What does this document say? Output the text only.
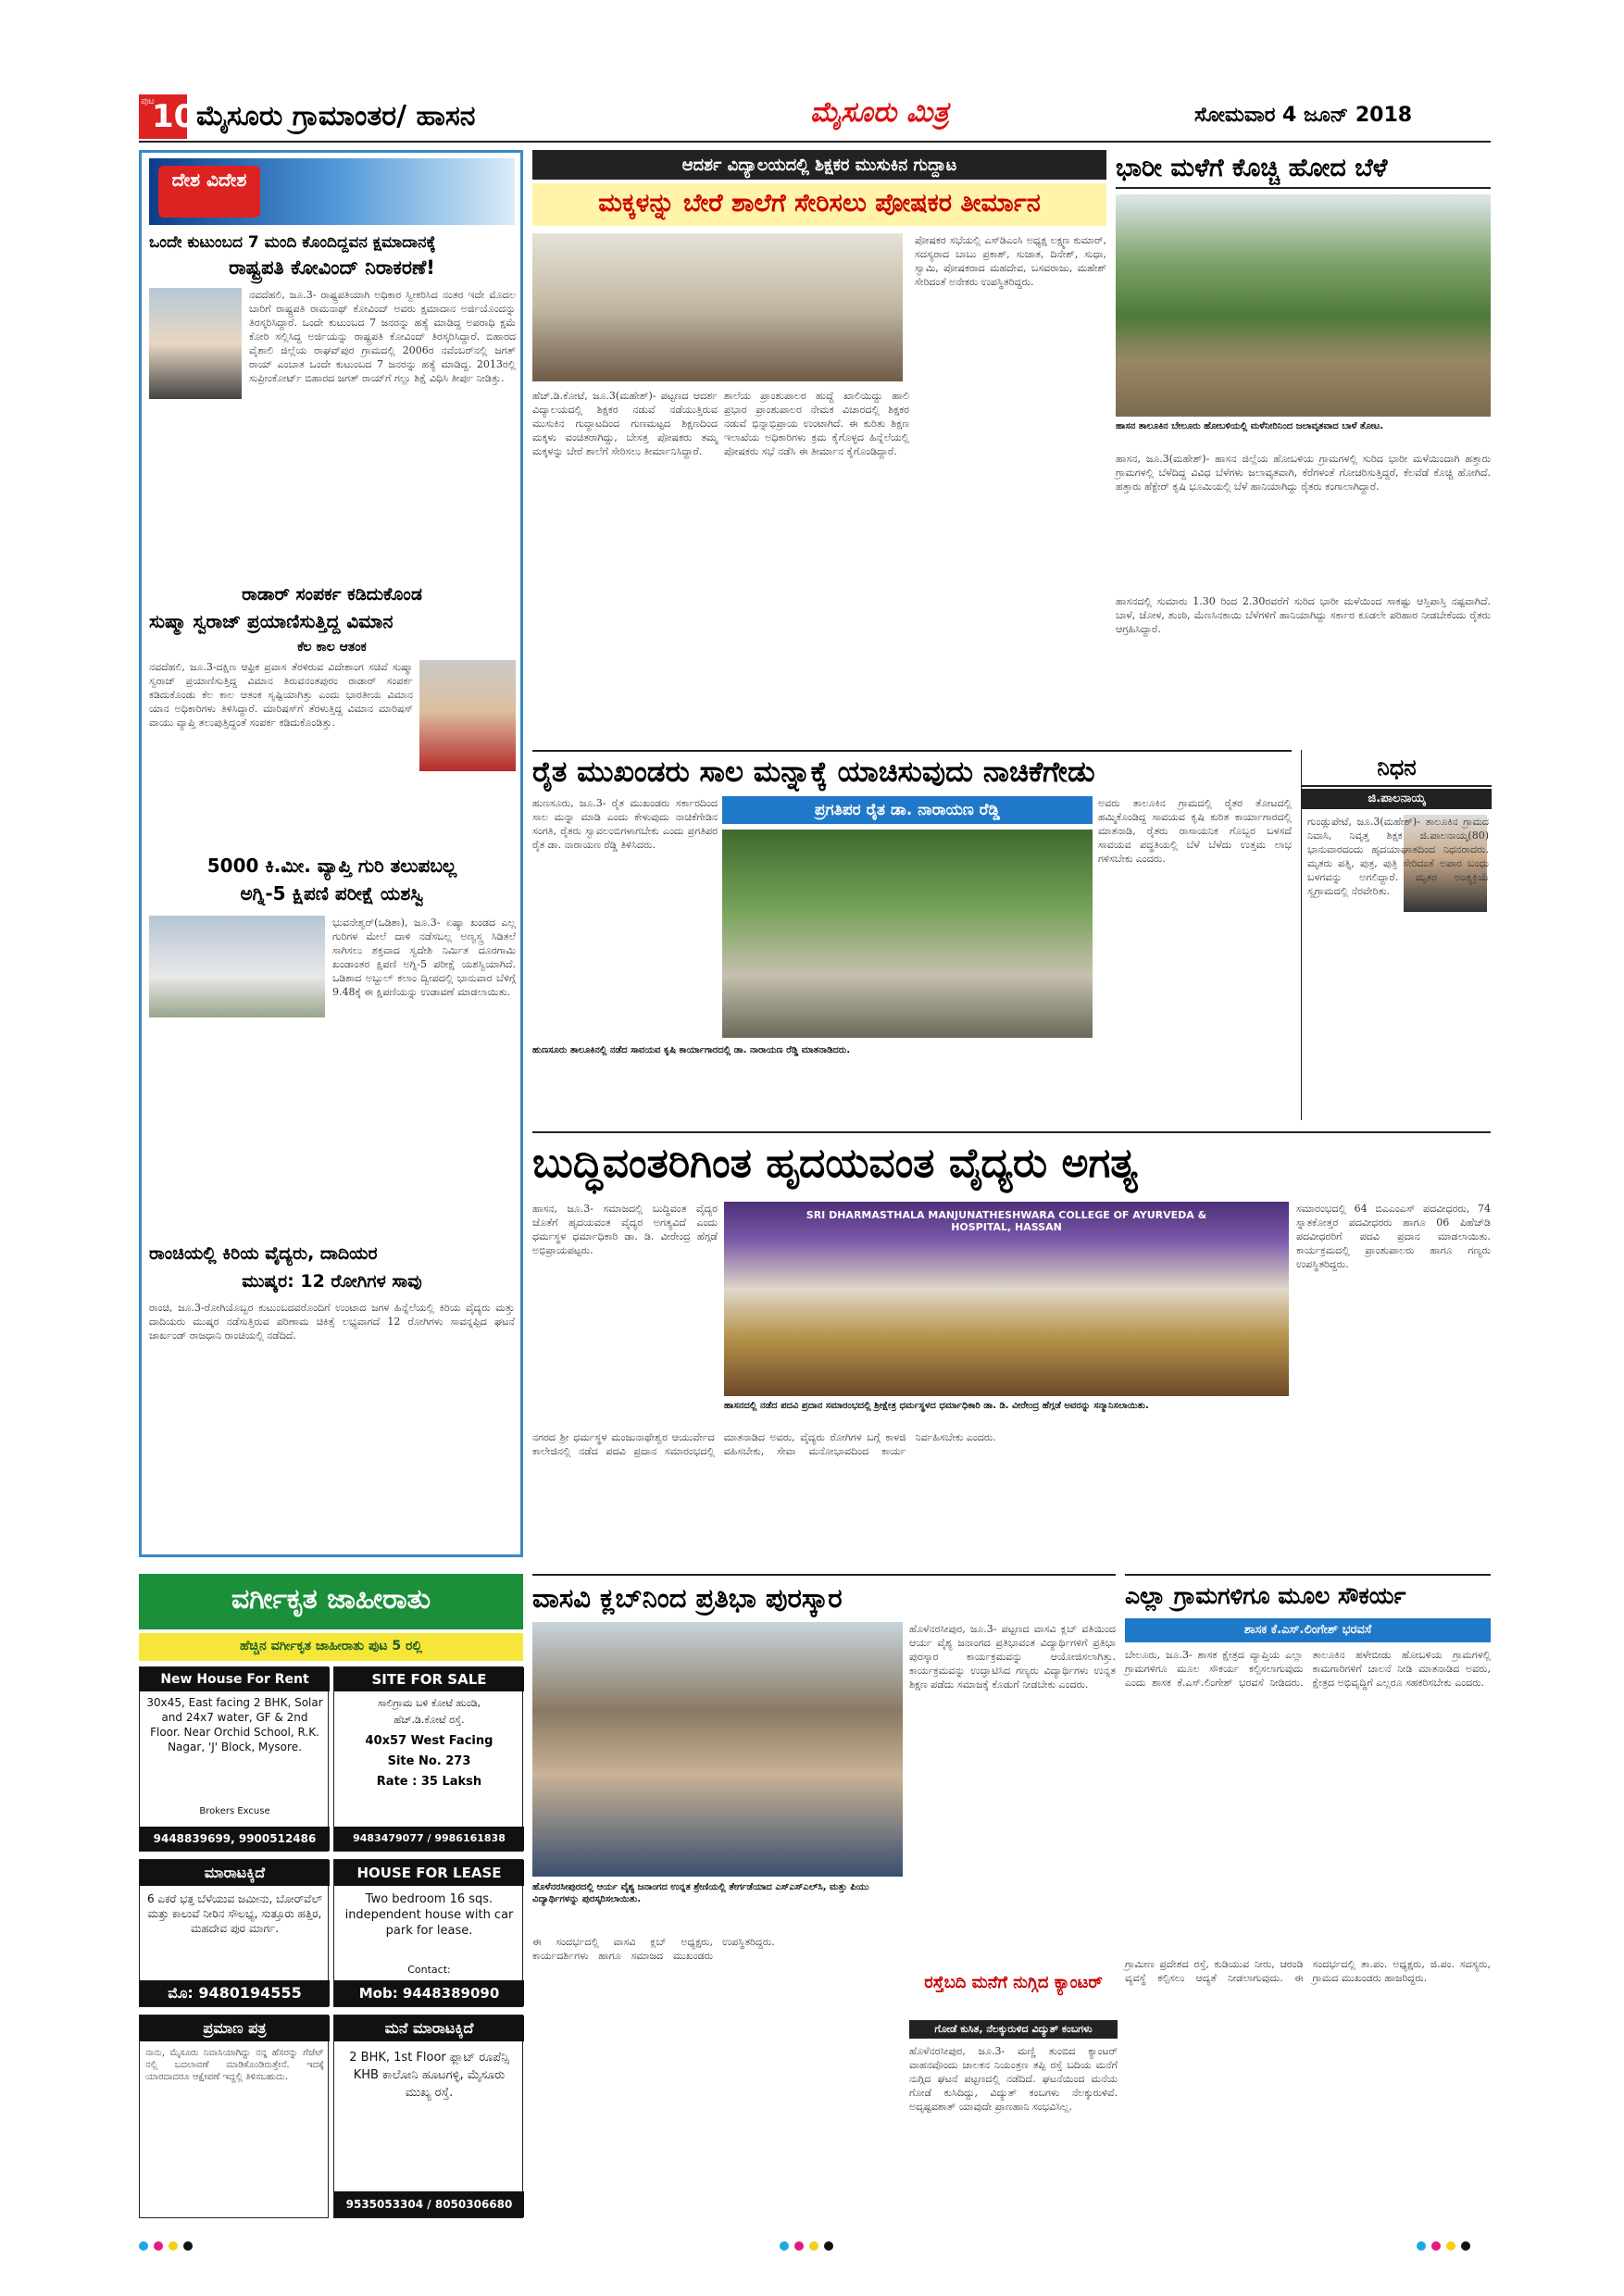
ಪುಟ
10 ಮೈಸೂರು ಗ್ರಾಮಾಂತರ/ ಹಾಸನ	ಮೈಸೂರು ಮಿತ್ರ	ಸೋಮವಾರ 4 ಜೂನ್ 2018
ದೇಶ ವಿದೇಶ
ಒಂದೇ ಕುಟುಂಬದ 7 ಮಂದಿ ಕೊಂದಿದ್ದವನ ಕ್ಷಮಾದಾನಕ್ಕೆ
ರಾಷ್ಟ್ರಪತಿ ಕೋವಿಂದ್ ನಿರಾಕರಣೆ!
ನವದೆಹಲಿ, ಜೂ.3- ರಾಷ್ಟ್ರಪತಿಯಾಗಿ ಅಧಿಕಾರ ಸ್ವೀಕರಿಸಿದ ನಂತರ ಇದೇ ಮೊದಲ ಬಾರಿಗೆ ರಾಷ್ಟ್ರಪತಿ ರಾಮನಾಥ್ ಕೋವಿಂದ್ ಅವರು ಕ್ಷಮಾದಾನ ಅರ್ಜಿಯೊಂದನ್ನು ತಿರಸ್ಕರಿಸಿದ್ದಾರೆ. ಒಂದೇ ಕುಟುಂಬದ 7 ಜನರನ್ನು ಹತ್ಯೆ ಮಾಡಿದ್ದ ಅಪರಾಧಿ ಕ್ಷಮೆ ಕೋರಿ ಸಲ್ಲಿಸಿದ್ದ ಅರ್ಜಿಯನ್ನು ರಾಷ್ಟ್ರಪತಿ ಕೋವಿಂದ್ ತಿರಸ್ಕರಿಸಿದ್ದಾರೆ. ಬಿಹಾರದ ವೈಶಾಲಿ ಜಿಲ್ಲೆಯ ರಾಘವ್‌ಪುರ ಗ್ರಾಮದಲ್ಲಿ 2006ರ ನವೆಂಬರ್‌ನಲ್ಲಿ ಜಗತ್ ರಾಯ್ ಎಂಬಾತ ಒಂದೇ ಕುಟುಂಬದ 7 ಜನರನ್ನು ಹತ್ಯೆ ಮಾಡಿದ್ದ. 2013ರಲ್ಲಿ ಸುಪ್ರೀಂಕೋರ್ಟ್ ಬಿಹಾರದ ಜಗತ್ ರಾಯ್‌ಗೆ ಗಲ್ಲು ಶಿಕ್ಷೆ ವಿಧಿಸಿ ತೀರ್ಪು ನೀಡಿತ್ತು.
ರಾಡಾರ್ ಸಂಪರ್ಕ ಕಡಿದುಕೊಂಡ
ಸುಷ್ಮಾ ಸ್ವರಾಜ್ ಪ್ರಯಾಣಿಸುತ್ತಿದ್ದ ವಿಮಾನ
ಕೆಲ ಕಾಲ ಆತಂಕ
ನವದೆಹಲಿ, ಜೂ.3-ದಕ್ಷಿಣ ಆಫ್ರಿಕ ಪ್ರವಾಸ ತೆರಳಿರುವ ವಿದೇಶಾಂಗ ಸಚಿವೆ ಸುಷ್ಮಾ ಸ್ವರಾಜ್ ಪ್ರಯಾಣಿಸುತ್ತಿದ್ದ ವಿಮಾನ ತಿರುವನಂತಪುರಂ ರಾಡಾರ್ ಸಂಪರ್ಕ ಕಡಿದುಕೊಂಡು ಕೆಲ ಕಾಲ ಆತಂಕ ಸೃಷ್ಟಿಯಾಗಿತ್ತು ಎಂದು ಭಾರತೀಯ ವಿಮಾನ ಯಾನ ಅಧಿಕಾರಿಗಳು ತಿಳಿಸಿದ್ದಾರೆ. ಮಾರಿಷಸ್‌ಗೆ ತೆರಳುತ್ತಿದ್ದ ವಿಮಾನ ಮಾರಿಷಸ್ ವಾಯು ವ್ಯಾಪ್ತಿ ತಲುಪುತ್ತಿದ್ದಂತೆ ಸಂಪರ್ಕ ಕಡಿದುಕೊಂಡಿತ್ತು.
5000 ಕಿ.ಮೀ. ವ್ಯಾಪ್ತಿ ಗುರಿ ತಲುಪಬಲ್ಲ
ಅಗ್ನಿ-5 ಕ್ಷಿಪಣಿ ಪರೀಕ್ಷೆ ಯಶಸ್ವಿ
ಭುವನೇಶ್ವರ್(ಒಡಿಶಾ), ಜೂ.3- ಏಷ್ಯಾ ಖಂಡದ ಎಲ್ಲ ಗುರಿಗಳ ಮೇಲೆ ದಾಳಿ ನಡೆಸಬಲ್ಲ ಅಣ್ವಸ್ತ್ರ ಸಿಡಿತಲೆ ಸಾಗಿಸಲು ಶಕ್ತವಾದ ಸ್ವದೇಶಿ ನಿರ್ಮಿತ ದೂರಗಾಮಿ ಖಂಡಾಂತರ ಕ್ಷಿಪಣಿ ಅಗ್ನಿ-5 ಪರೀಕ್ಷೆ ಯಶಸ್ವಿಯಾಗಿದೆ. ಒಡಿಶಾದ ಅಬ್ದುಲ್ ಕಲಾಂ ದ್ವೀಪದಲ್ಲಿ ಭಾನುವಾರ ಬೆಳಿಗ್ಗೆ 9.48ಕ್ಕೆ ಈ ಕ್ಷಿಪಣಿಯನ್ನು ಉಡಾವಣೆ ಮಾಡಲಾಯಿತು.
ರಾಂಚಿಯಲ್ಲಿ ಕಿರಿಯ ವೈದ್ಯರು, ದಾದಿಯರ
ಮುಷ್ಕರ: 12 ರೋಗಿಗಳ ಸಾವು
ರಾಂಚಿ, ಜೂ.3-ರೋಗಿಯೊಬ್ಬರ ಕುಟುಂಬದವರೊಂದಿಗೆ ಉಂಟಾದ ಜಗಳ ಹಿನ್ನೆಲೆಯಲ್ಲಿ ಕಿರಿಯ ವೈದ್ಯರು ಮತ್ತು ದಾದಿಯರು ಮುಷ್ಕರ ನಡೆಸುತ್ತಿರುವ ಪರಿಣಾಮ ಚಿಕಿತ್ಸೆ ಲಭ್ಯವಾಗದೆ 12 ರೋಗಿಗಳು ಸಾವನ್ನಪ್ಪಿದ ಘಟನೆ ಜಾರ್ಖಂಡ್ ರಾಜಧಾನಿ ರಾಂಚಿಯಲ್ಲಿ ನಡೆದಿದೆ.
ವರ್ಗೀಕೃತ ಜಾಹೀರಾತು
ಹೆಚ್ಚಿನ ವರ್ಗೀಕೃತ ಜಾಹೀರಾತು ಪುಟ 5 ರಲ್ಲಿ
New House For Rent
30x45, East facing 2 BHK, Solar and 24x7 water, GF & 2nd Floor. Near Orchid School, R.K. Nagar, 'J' Block, Mysore.
Brokers Excuse
9448839699, 9900512486
SITE FOR SALE
ಸಾಲಿಗ್ರಾಮ ಬಳಿ ಕೋಟೆ ಹುಂಡಿ,
ಹೆಚ್.ಡಿ.ಕೋಟೆ ರಸ್ತೆ.
40x57 West Facing
Site No. 273
Rate : 35 Laksh
9483479077 / 9986161838
ಮಾರಾಟಕ್ಕಿದೆ
6 ಎಕರೆ ಭತ್ತ ಬೆಳೆಯುವ ಜಮೀನು, ಬೋರ್‌ವೆಲ್ ಮತ್ತು ಕಾಲುವೆ ನೀರಿನ ಸೌಲಭ್ಯ, ಸುತ್ತೂರು ಹತ್ತಿರ, ಮಹದೇವ ಪುರ ಮಾರ್ಗ.
ಮೊ: 9480194555
HOUSE FOR LEASE
Two bedroom 16 sqs. independent house with car park for lease.
Contact:
Mob: 9448389090
ಪ್ರಮಾಣ ಪತ್ರ
ನಾನು, ಮೈಸೂರು ನಿವಾಸಿಯಾಗಿದ್ದು ನನ್ನ ಹೆಸರನ್ನು ಗೆಜೆಟ್ ನಲ್ಲಿ ಬದಲಾವಣೆ ಮಾಡಿಕೊಂಡಿರುತ್ತೇನೆ. ಇದಕ್ಕೆ ಯಾರದಾದರೂ ಆಕ್ಷೇಪಣೆ ಇದ್ದಲ್ಲಿ ತಿಳಿಸಬಹುದು.
ಮನೆ ಮಾರಾಟಕ್ಕಿದೆ
2 BHK, 1st Floor ಫ್ಲಾಟ್ ರೂಪೆನ್ಸಿ KHB ಕಾಲೋನಿ ಹೂಟಗಳ್ಳಿ, ಮೈಸೂರು ಮುಖ್ಯ ರಸ್ತೆ.
9535053304 / 8050306680
ಆದರ್ಶ ವಿದ್ಯಾಲಯದಲ್ಲಿ ಶಿಕ್ಷಕರ ಮುಸುಕಿನ ಗುದ್ದಾಟ
ಮಕ್ಕಳನ್ನು ಬೇರೆ ಶಾಲೆಗೆ ಸೇರಿಸಲು ಪೋಷಕರ ತೀರ್ಮಾನ
ಹೆಚ್.ಡಿ.ಕೋಟೆ, ಜೂ.3(ಮಹೇಶ್)- ಪಟ್ಟಣದ ಆದರ್ಶ ವಿದ್ಯಾಲಯದಲ್ಲಿ ಶಿಕ್ಷಕರ ನಡುವೆ ನಡೆಯುತ್ತಿರುವ ಮುಸುಕಿನ ಗುದ್ದಾಟದಿಂದ ಗುಣಮಟ್ಟದ ಶಿಕ್ಷಣದಿಂದ ಮಕ್ಕಳು ವಂಚಿತರಾಗಿದ್ದು, ಬೇಸತ್ತ ಪೋಷಕರು ತಮ್ಮ ಮಕ್ಕಳನ್ನು ಬೇರೆ ಶಾಲೆಗೆ ಸೇರಿಸಲು ತೀರ್ಮಾನಿಸಿದ್ದಾರೆ.
ಶಾಲೆಯ ಪ್ರಾಂಶುಪಾಲರ ಹುದ್ದೆ ಖಾಲಿಯಿದ್ದು ಹಾಲಿ ಪ್ರಭಾರ ಪ್ರಾಂಶುಪಾಲರ ನೇಮಕ ವಿಚಾರದಲ್ಲಿ ಶಿಕ್ಷಕರ ನಡುವೆ ಭಿನ್ನಾಭಿಪ್ರಾಯ ಉಂಟಾಗಿದೆ. ಈ ಕುರಿತು ಶಿಕ್ಷಣ ಇಲಾಖೆಯ ಅಧಿಕಾರಿಗಳು ಕ್ರಮ ಕೈಗೊಳ್ಳದ ಹಿನ್ನೆಲೆಯಲ್ಲಿ ಪೋಷಕರು ಸಭೆ ನಡೆಸಿ ಈ ತೀರ್ಮಾನ ಕೈಗೊಂಡಿದ್ದಾರೆ.
ಪೋಷಕರ ಸಭೆಯಲ್ಲಿ ಎಸ್‌ಡಿಎಂಸಿ ಅಧ್ಯಕ್ಷ ಲಕ್ಷ್ಮಣ ಕುಮಾರ್, ಸದಸ್ಯರಾದ ಬಾಬು ಪ್ರಕಾಶ್, ಸುಜಾತ, ದಿನೇಶ್, ಸುಧಾ, ಸ್ವಾಮಿ, ಪೋಷಕರಾದ ಮಹದೇವ, ಬಸವರಾಜು, ಮಹೇಶ್ ಸೇರಿದಂತೆ ಅನೇಕರು ಉಪಸ್ಥಿತರಿದ್ದರು.
ಭಾರೀ ಮಳೆಗೆ ಕೊಚ್ಚಿ ಹೋದ ಬೆಳೆ
ಹಾಸನ ತಾಲೂಕಿನ ಬೇಲೂರು ಹೋಬಳಿಯಲ್ಲಿ ಮಳೆನೀರಿನಿಂದ ಜಲಾವೃತವಾದ ಬಾಳೆ ತೋಟ.
ಹಾಸನ, ಜೂ.3(ಮಹೇಶ್)- ಹಾಸನ ಜಿಲ್ಲೆಯ ಹೋಬಳಿಯ ಗ್ರಾಮಗಳಲ್ಲಿ ಸುರಿದ ಭಾರೀ ಮಳೆಯಿಂದಾಗಿ ಹತ್ತಾರು ಗ್ರಾಮಗಳಲ್ಲಿ ಬೆಳೆದಿದ್ದ ವಿವಿಧ ಬೆಳೆಗಳು ಜಲಾವೃತವಾಗಿ, ಕೆರೆಗಳಂತೆ ಗೋಚರಿಸುತ್ತಿದ್ದರೆ, ಕೆಲವೆಡೆ ಕೊಚ್ಚಿ ಹೋಗಿದೆ. ಹತ್ತಾರು ಹೆಕ್ಟೇರ್ ಕೃಷಿ ಭೂಮಿಯಲ್ಲಿ ಬೆಳೆ ಹಾನಿಯಾಗಿದ್ದು ರೈತರು ಕಂಗಾಲಾಗಿದ್ದಾರೆ.
ಹಾಸನದಲ್ಲಿ ಸುಮಾರು 1.30 ರಿಂದ 2.30ರವರೆಗೆ ಸುರಿದ ಭಾರೀ ಮಳೆಯಿಂದ ಸಾಕಷ್ಟು ಆಸ್ತಿಪಾಸ್ತಿ ನಷ್ಟವಾಗಿದೆ. ಬಾಳೆ, ಜೋಳ, ಶುಂಠಿ, ಮೆಣಸಿನಕಾಯಿ ಬೆಳೆಗಳಿಗೆ ಹಾನಿಯಾಗಿದ್ದು ಸರ್ಕಾರ ಕೂಡಲೇ ಪರಿಹಾರ ನೀಡಬೇಕೆಂದು ರೈತರು ಆಗ್ರಹಿಸಿದ್ದಾರೆ.
ರೈತ ಮುಖಂಡರು ಸಾಲ ಮನ್ನಾಕ್ಕೆ ಯಾಚಿಸುವುದು ನಾಚಿಕೆಗೇಡು
ಪ್ರಗತಿಪರ ರೈತ ಡಾ. ನಾರಾಯಣ ರೆಡ್ಡಿ
ಹುಣಸೂರು, ಜೂ.3- ರೈತ ಮುಖಂಡರು ಸರ್ಕಾರದಿಂದ ಸಾಲ ಮನ್ನಾ ಮಾಡಿ ಎಂದು ಕೇಳುವುದು ನಾಚಿಕೆಗೇಡಿನ ಸಂಗತಿ, ರೈತರು ಸ್ವಾವಲಂಬಿಗಳಾಗಬೇಕು ಎಂದು ಪ್ರಗತಿಪರ ರೈತ ಡಾ. ನಾರಾಯಣ ರೆಡ್ಡಿ ತಿಳಿಸಿದರು.
ಅವರು ತಾಲೂಕಿನ ಗ್ರಾಮದಲ್ಲಿ ರೈತರ ತೋಟದಲ್ಲಿ ಹಮ್ಮಿಕೊಂಡಿದ್ದ ಸಾವಯವ ಕೃಷಿ ಕುರಿತ ಕಾರ್ಯಾಗಾರದಲ್ಲಿ ಮಾತನಾಡಿ, ರೈತರು ರಾಸಾಯನಿಕ ಗೊಬ್ಬರ ಬಳಸದೆ ಸಾವಯವ ಪದ್ಧತಿಯಲ್ಲಿ ಬೆಳೆ ಬೆಳೆದು ಉತ್ತಮ ಲಾಭ ಗಳಿಸಬೇಕು ಎಂದರು.
ಹುಣಸೂರು ತಾಲೂಕಿನಲ್ಲಿ ನಡೆದ ಸಾವಯವ ಕೃಷಿ ಕಾರ್ಯಾಗಾರದಲ್ಲಿ ಡಾ. ನಾರಾಯಣ ರೆಡ್ಡಿ ಮಾತನಾಡಿದರು.
ನಿಧನ
ಜಿ.ಪಾಲನಾಯ್ಕ
ಗುಂಡ್ಲುಪೇಟೆ, ಜೂ.3(ಮಹೇಶ್)- ತಾಲೂಕಿನ ಗ್ರಾಮದ ನಿವಾಸಿ, ನಿವೃತ್ತ ಶಿಕ್ಷಕ ಜಿ.ಪಾಲನಾಯ್ಕ(80) ಭಾನುವಾರದಂದು ಹೃದಯಾಘಾತದಿಂದ ನಿಧನರಾದರು. ಮೃತರು ಪತ್ನಿ, ಪುತ್ರ, ಪುತ್ರಿ ಸೇರಿದಂತೆ ಅಪಾರ ಬಂಧು ಬಳಗವನ್ನು ಅಗಲಿದ್ದಾರೆ. ಮೃತರ ಅಂತ್ಯಕ್ರಿಯೆ ಸ್ವಗ್ರಾಮದಲ್ಲಿ ನೆರವೇರಿತು.
ಬುದ್ಧಿವಂತರಿಗಿಂತ ಹೃದಯವಂತ ವೈದ್ಯರು ಅಗತ್ಯ
ಹಾಸನ, ಜೂ.3- ಸಮಾಜದಲ್ಲಿ ಬುದ್ಧಿವಂತ ವೈದ್ಯರ ಜೊತೆಗೆ ಹೃದಯವಂತ ವೈದ್ಯರ ಅಗತ್ಯವಿದೆ ಎಂದು ಧರ್ಮಸ್ಥಳ ಧರ್ಮಾಧಿಕಾರಿ ಡಾ. ಡಿ. ವೀರೇಂದ್ರ ಹೆಗ್ಗಡೆ ಅಭಿಪ್ರಾಯಪಟ್ಟರು.
SRI DHARMASTHALA MANJUNATHESHWARA COLLEGE OF AYURVEDA & HOSPITAL, HASSAN
ಸಮಾರಂಭದಲ್ಲಿ 64 ಬಿಎಎಂಎಸ್ ಪದವೀಧರರು, 74 ಸ್ನಾತಕೋತ್ತರ ಪದವೀಧರರು ಹಾಗೂ 06 ಪಿಹೆಚ್‌ಡಿ ಪದವೀಧರರಿಗೆ ಪದವಿ ಪ್ರದಾನ ಮಾಡಲಾಯಿತು. ಕಾರ್ಯಕ್ರಮದಲ್ಲಿ ಪ್ರಾಂಶುಪಾಲರು ಹಾಗೂ ಗಣ್ಯರು ಉಪಸ್ಥಿತರಿದ್ದರು.
ಹಾಸನದಲ್ಲಿ ನಡೆದ ಪದವಿ ಪ್ರದಾನ ಸಮಾರಂಭದಲ್ಲಿ ಶ್ರೀಕ್ಷೇತ್ರ ಧರ್ಮಸ್ಥಳದ ಧರ್ಮಾಧಿಕಾರಿ ಡಾ. ಡಿ. ವೀರೇಂದ್ರ ಹೆಗ್ಗಡೆ ಅವರನ್ನು ಸನ್ಮಾನಿಸಲಾಯಿತು.
ನಗರದ ಶ್ರೀ ಧರ್ಮಸ್ಥಳ ಮಂಜುನಾಥೇಶ್ವರ ಆಯುರ್ವೇದ ಕಾಲೇಜಿನಲ್ಲಿ ನಡೆದ ಪದವಿ ಪ್ರದಾನ ಸಮಾರಂಭದಲ್ಲಿ ಮಾತನಾಡಿದ ಅವರು, ವೈದ್ಯರು ರೋಗಿಗಳ ಬಗ್ಗೆ ಕಾಳಜಿ ವಹಿಸಬೇಕು, ಸೇವಾ ಮನೋಭಾವದಿಂದ ಕಾರ್ಯ ನಿರ್ವಹಿಸಬೇಕು ಎಂದರು.
ವಾಸವಿ ಕ್ಲಬ್‌ನಿಂದ ಪ್ರತಿಭಾ ಪುರಸ್ಕಾರ
ಹೊಳೆನರಸೀಪುರದಲ್ಲಿ ಆರ್ಯ ವೈಶ್ಯ ಜನಾಂಗದ ಉನ್ನತ ಶ್ರೇಣಿಯಲ್ಲಿ ತೇರ್ಗಡೆಯಾದ ಎಸ್‌ಎಸ್‌ಎಲ್‌ಸಿ, ಮತ್ತು ಪಿಯು ವಿದ್ಯಾರ್ಥಿಗಳನ್ನು ಪುರಸ್ಕರಿಸಲಾಯಿತು.
ಹೊಳೆನರಸೀಪುರ, ಜೂ.3- ಪಟ್ಟಣದ ವಾಸವಿ ಕ್ಲಬ್ ವತಿಯಿಂದ ಆರ್ಯ ವೈಶ್ಯ ಜನಾಂಗದ ಪ್ರತಿಭಾವಂತ ವಿದ್ಯಾರ್ಥಿಗಳಿಗೆ ಪ್ರತಿಭಾ ಪುರಸ್ಕಾರ ಕಾರ್ಯಕ್ರಮವನ್ನು ಆಯೋಜಿಸಲಾಗಿತ್ತು. ಕಾರ್ಯಕ್ರಮವನ್ನು ಉದ್ಘಾಟಿಸಿದ ಗಣ್ಯರು ವಿದ್ಯಾರ್ಥಿಗಳು ಉನ್ನತ ಶಿಕ್ಷಣ ಪಡೆದು ಸಮಾಜಕ್ಕೆ ಕೊಡುಗೆ ನೀಡಬೇಕು ಎಂದರು.
ಈ ಸಂದರ್ಭದಲ್ಲಿ ವಾಸವಿ ಕ್ಲಬ್ ಅಧ್ಯಕ್ಷರು, ಕಾರ್ಯದರ್ಶಿಗಳು ಹಾಗೂ ಸಮಾಜದ ಮುಖಂಡರು ಉಪಸ್ಥಿತರಿದ್ದರು.
ಎಲ್ಲಾ ಗ್ರಾಮಗಳಿಗೂ ಮೂಲ ಸೌಕರ್ಯ
ಶಾಸಕ ಕೆ.ಎಸ್.ಲಿಂಗೇಶ್ ಭರವಸೆ
ಬೇಲೂರು, ಜೂ.3- ಶಾಸಕ ಕ್ಷೇತ್ರದ ವ್ಯಾಪ್ತಿಯ ಎಲ್ಲಾ ಗ್ರಾಮಗಳಿಗೂ ಮೂಲ ಸೌಕರ್ಯ ಕಲ್ಪಿಸಲಾಗುವುದು ಎಂದು ಶಾಸಕ ಕೆ.ಎಸ್.ಲಿಂಗೇಶ್ ಭರವಸೆ ನೀಡಿದರು. ತಾಲೂಕಿನ ಹಳೇಬೀಡು ಹೋಬಳಿಯ ಗ್ರಾಮಗಳಲ್ಲಿ ಕಾಮಗಾರಿಗಳಿಗೆ ಚಾಲನೆ ನೀಡಿ ಮಾತನಾಡಿದ ಅವರು, ಕ್ಷೇತ್ರದ ಅಭಿವೃದ್ಧಿಗೆ ಎಲ್ಲರೂ ಸಹಕರಿಸಬೇಕು ಎಂದರು.
ಗ್ರಾಮೀಣ ಪ್ರದೇಶದ ರಸ್ತೆ, ಕುಡಿಯುವ ನೀರು, ಚರಂಡಿ ವ್ಯವಸ್ಥೆ ಕಲ್ಪಿಸಲು ಆದ್ಯತೆ ನೀಡಲಾಗುವುದು. ಈ ಸಂದರ್ಭದಲ್ಲಿ ತಾ.ಪಂ. ಅಧ್ಯಕ್ಷರು, ಜಿ.ಪಂ. ಸದಸ್ಯರು, ಗ್ರಾಮದ ಮುಖಂಡರು ಹಾಜರಿದ್ದರು.
ರಸ್ತೆಬದಿ ಮನೆಗೆ ನುಗ್ಗಿದ ಕ್ಯಾಂಟರ್
ಗೋಡೆ ಕುಸಿತ, ನೆಲಕ್ಕುರುಳಿದ ವಿದ್ಯುತ್ ಕಂಬಗಳು
ಹೊಳೆನರಸೀಪುರ, ಜೂ.3- ಮಣ್ಣಿ ತುಂಬಿದ ಕ್ಯಾಂಟರ್ ವಾಹನವೊಂದು ಚಾಲಕನ ನಿಯಂತ್ರಣ ತಪ್ಪಿ ರಸ್ತೆ ಬದಿಯ ಮನೆಗೆ ನುಗ್ಗಿದ ಘಟನೆ ಪಟ್ಟಣದಲ್ಲಿ ನಡೆದಿದೆ. ಘಟನೆಯಿಂದ ಮನೆಯ ಗೋಡೆ ಕುಸಿದಿದ್ದು, ವಿದ್ಯುತ್ ಕಂಬಗಳು ನೆಲಕ್ಕುರುಳಿವೆ. ಅದೃಷ್ಟವಶಾತ್ ಯಾವುದೇ ಪ್ರಾಣಹಾನಿ ಸಂಭವಿಸಿಲ್ಲ.
